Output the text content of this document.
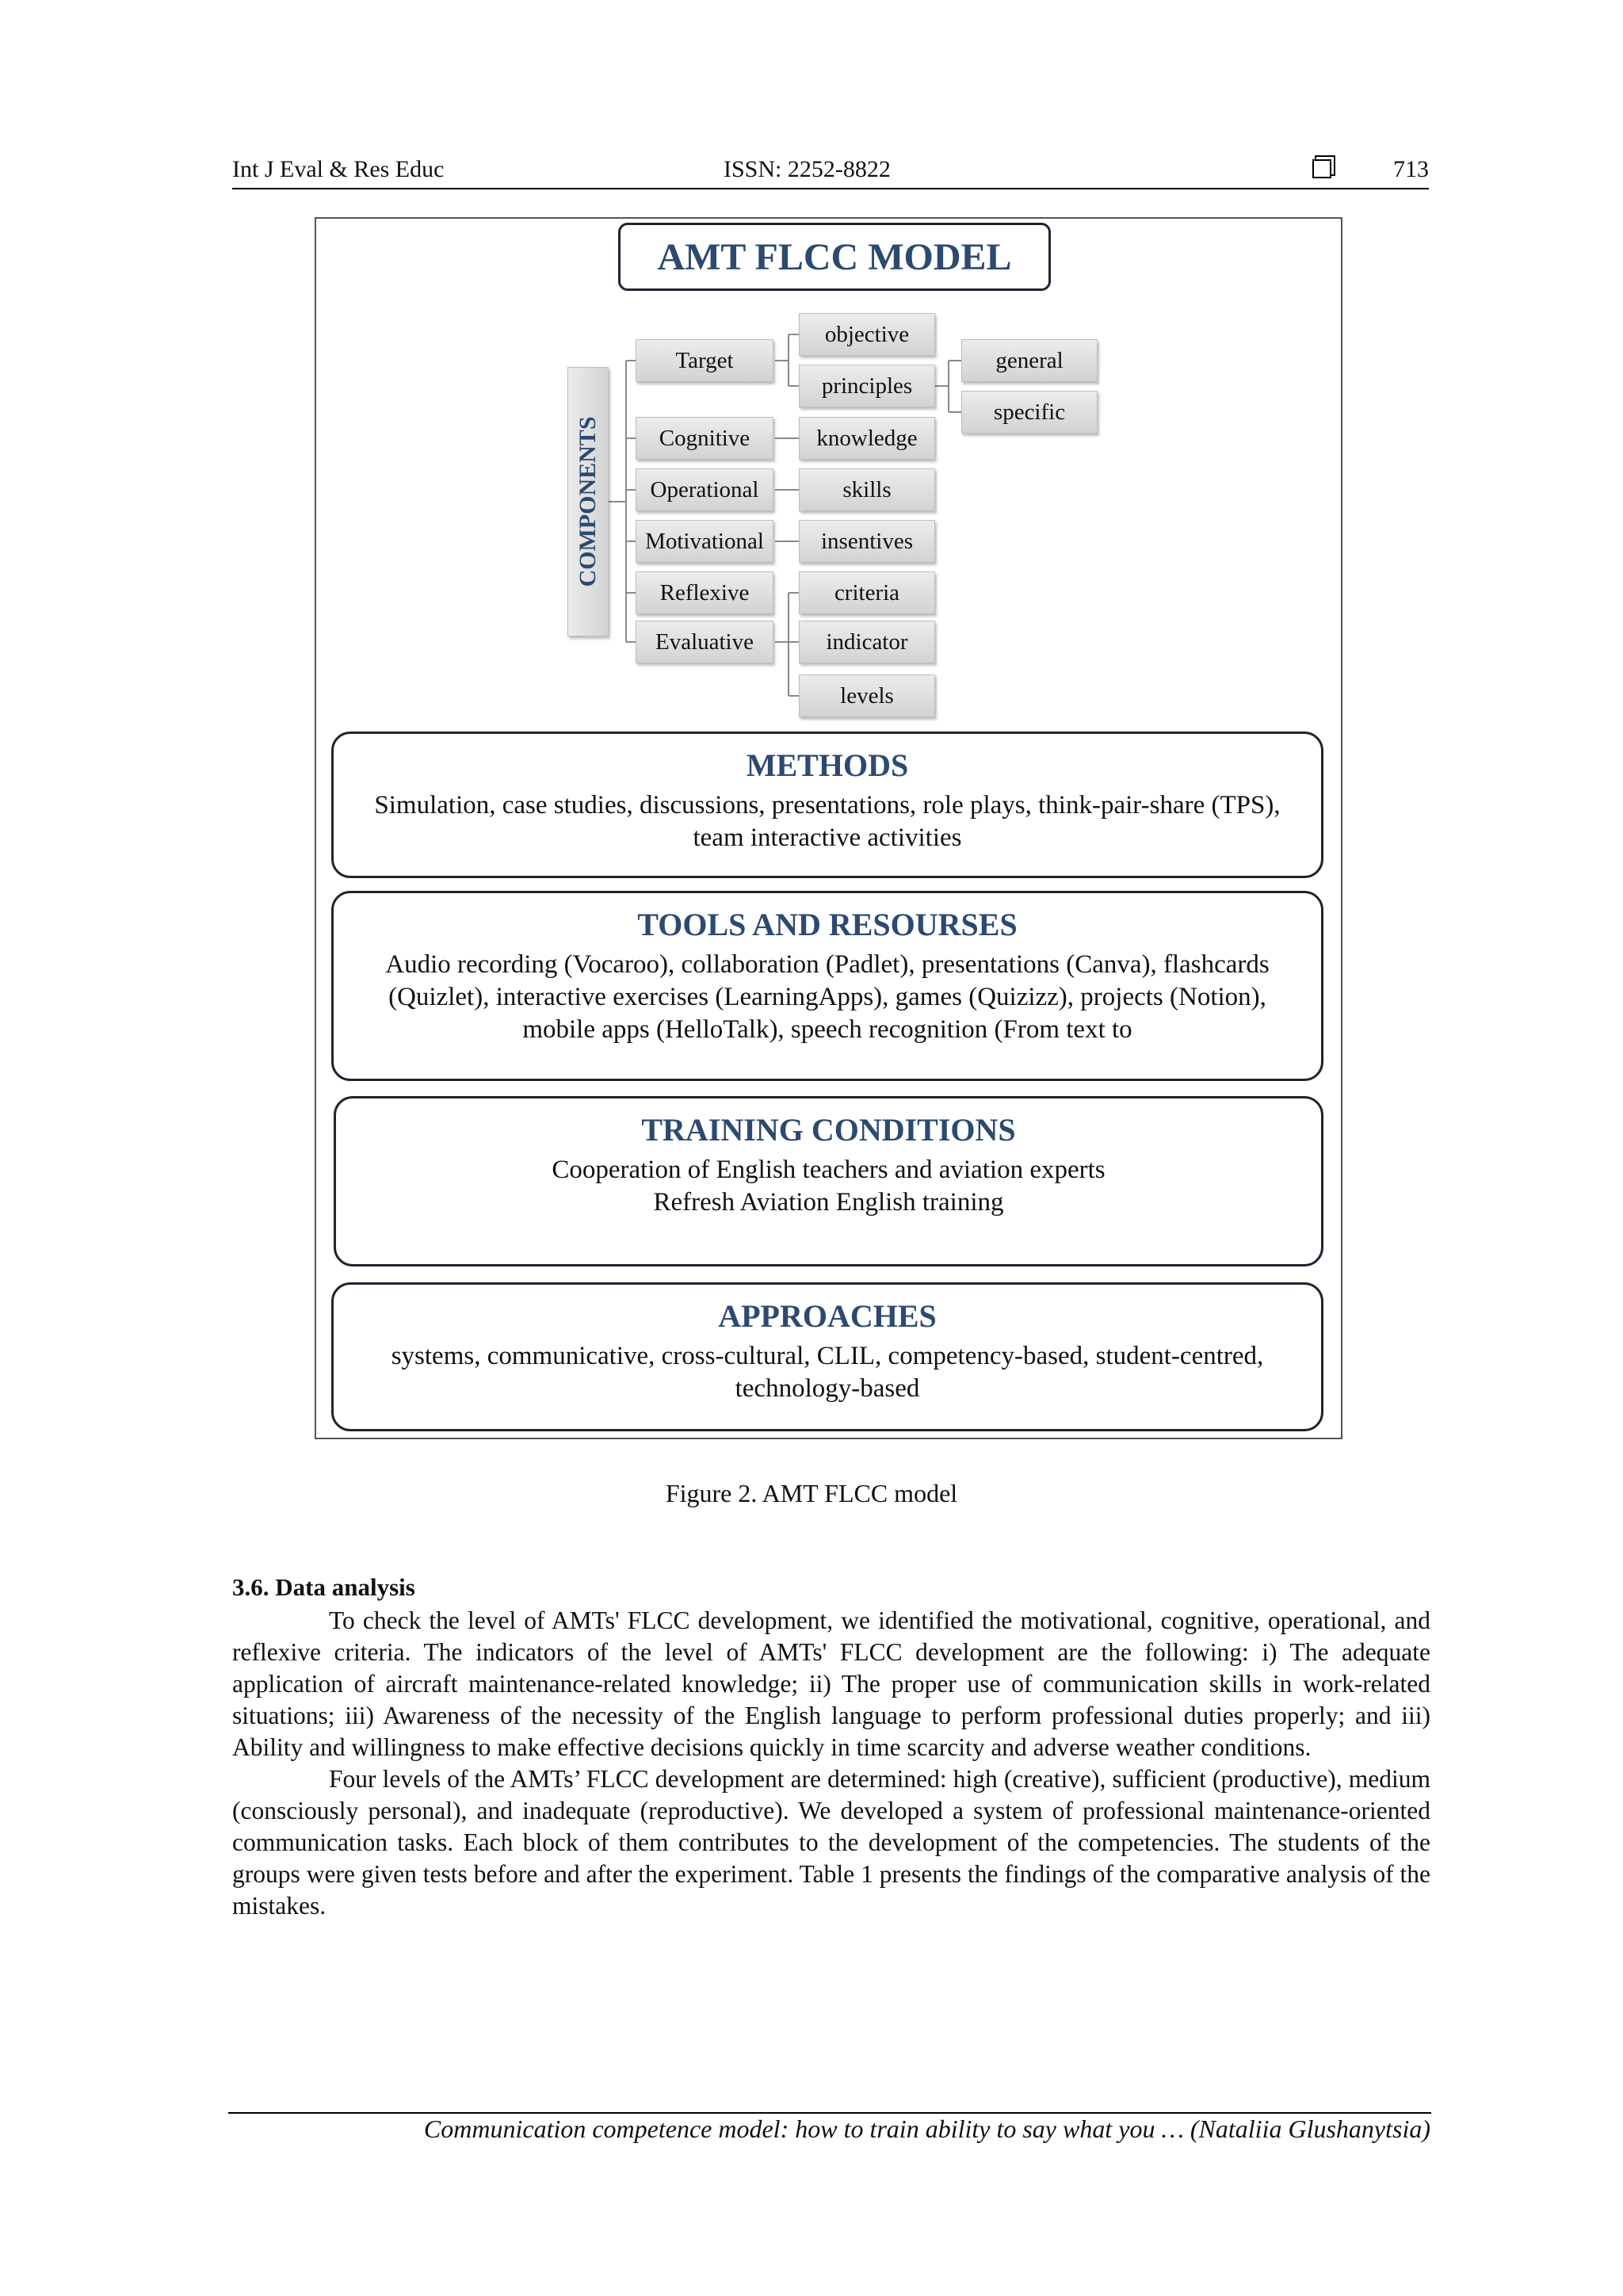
Int J Eval & Res Educ	ISSN: 2252-8822	713
AMT FLCC MODEL
COMPONENTS
Target
Cognitive
Operational
Motivational
Reflexive
Evaluative
objective
principles
knowledge
skills
insentives
criteria
indicator
levels
general
specific
METHODS
Simulation, case studies, discussions, presentations, role plays, think-pair-share (TPS), team interactive activities
TOOLS AND RESOURSES
Audio recording (Vocaroo), collaboration (Padlet), presentations (Canva), flashcards (Quizlet), interactive exercises (LearningApps), games (Quizizz), projects (Notion), mobile apps (HelloTalk), speech recognition (From text to
TRAINING CONDITIONS
Cooperation of English teachers and aviation experts
Refresh Aviation English training
APPROACHES
systems, communicative, cross-cultural, CLIL, competency-based, student-centred, technology-based
Figure 2. AMT FLCC model
3.6. Data analysis

To check the level of AMTs' FLCC development, we identified the motivational, cognitive, operational, and reflexive criteria. The indicators of the level of AMTs' FLCC development are the following: i) The adequate application of aircraft maintenance-related knowledge; ii) The proper use of communication skills in work-related situations; iii) Awareness of the necessity of the English language to perform professional duties properly; and iii) Ability and willingness to make effective decisions quickly in time scarcity and adverse weather conditions.

Four levels of the AMTs’ FLCC development are determined: high (creative), sufficient (productive), medium (consciously personal), and inadequate (reproductive). We developed a system of professional maintenance-oriented communication tasks. Each block of them contributes to the development of the competencies. The students of the groups were given tests before and after the experiment. Table 1 presents the findings of the comparative analysis of the mistakes.

Communication competence model: how to train ability to say what you … (Nataliia Glushanytsia)
